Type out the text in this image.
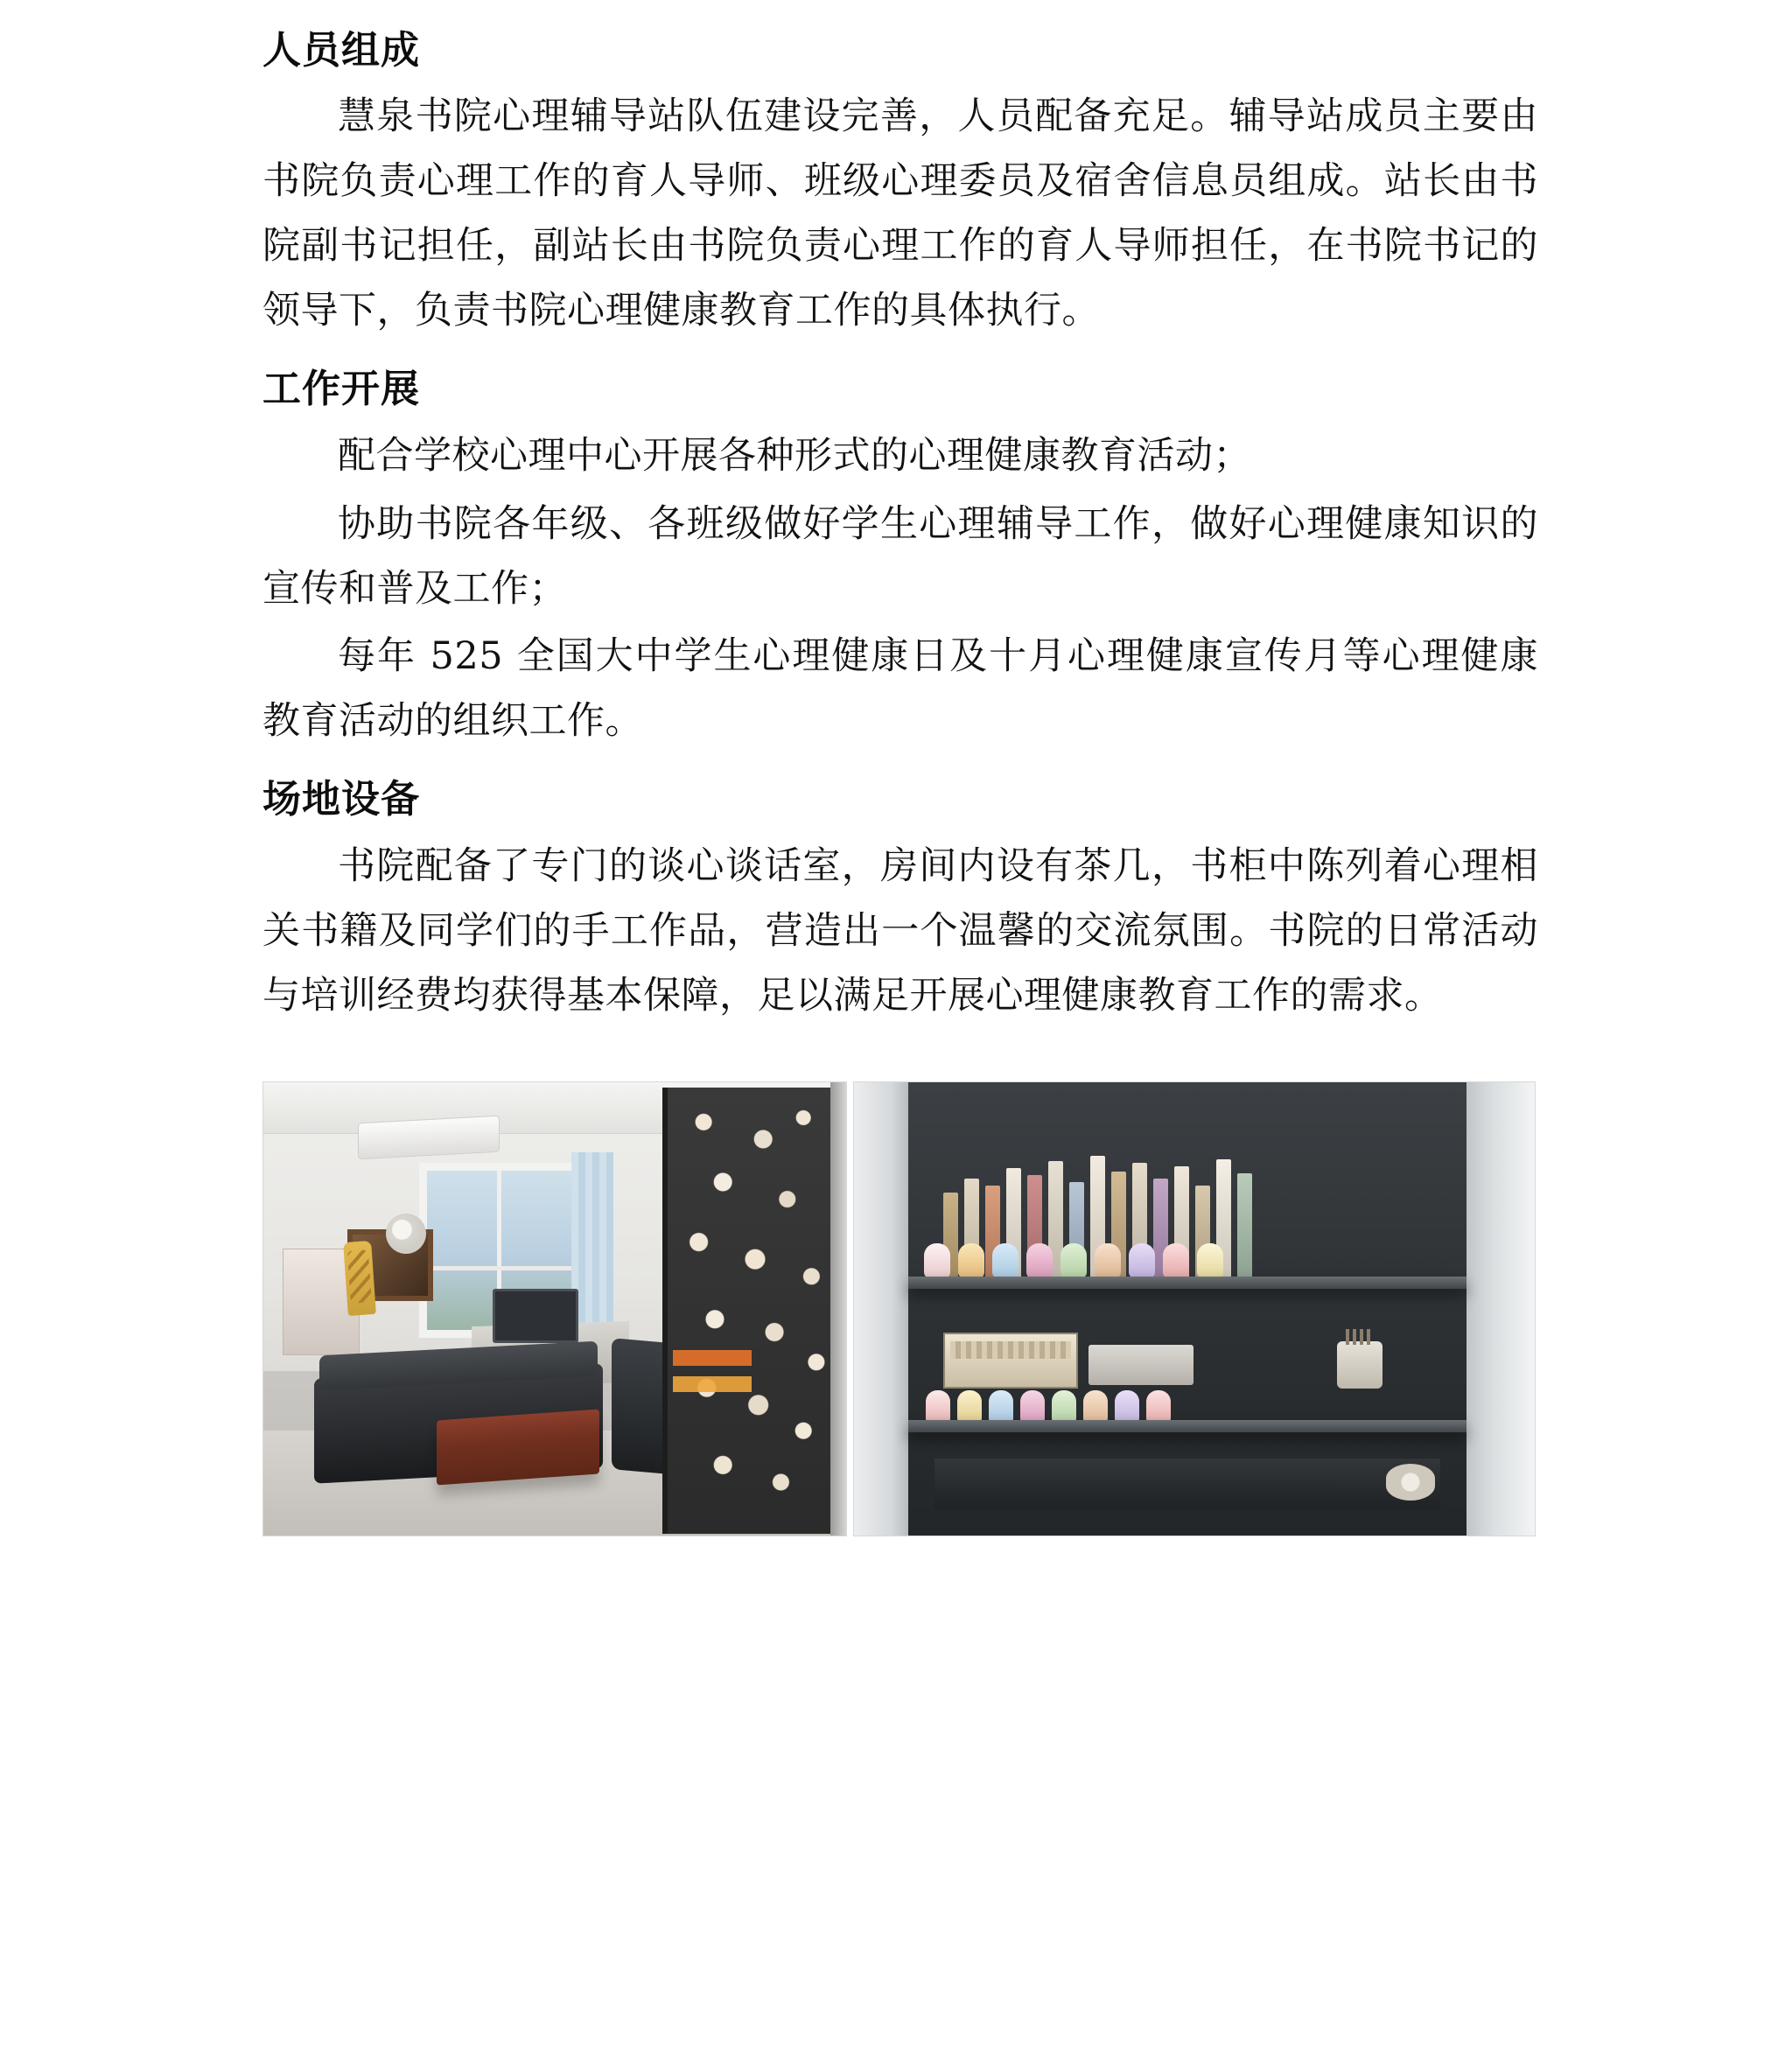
人员组成

慧泉书院心理辅导站队伍建设完善，人员配备充足。辅导站成员主要由书院负责心理工作的育人导师、班级心理委员及宿舍信息员组成。站长由书院副书记担任，副站长由书院负责心理工作的育人导师担任，在书院书记的领导下，负责书院心理健康教育工作的具体执行。

工作开展

配合学校心理中心开展各种形式的心理健康教育活动；

协助书院各年级、各班级做好学生心理辅导工作，做好心理健康知识的宣传和普及工作；

每年 525 全国大中学生心理健康日及十月心理健康宣传月等心理健康教育活动的组织工作。

场地设备

书院配备了专门的谈心谈话室，房间内设有茶几，书柜中陈列着心理相关书籍及同学们的手工作品，营造出一个温馨的交流氛围。书院的日常活动与培训经费均获得基本保障，足以满足开展心理健康教育工作的需求。
